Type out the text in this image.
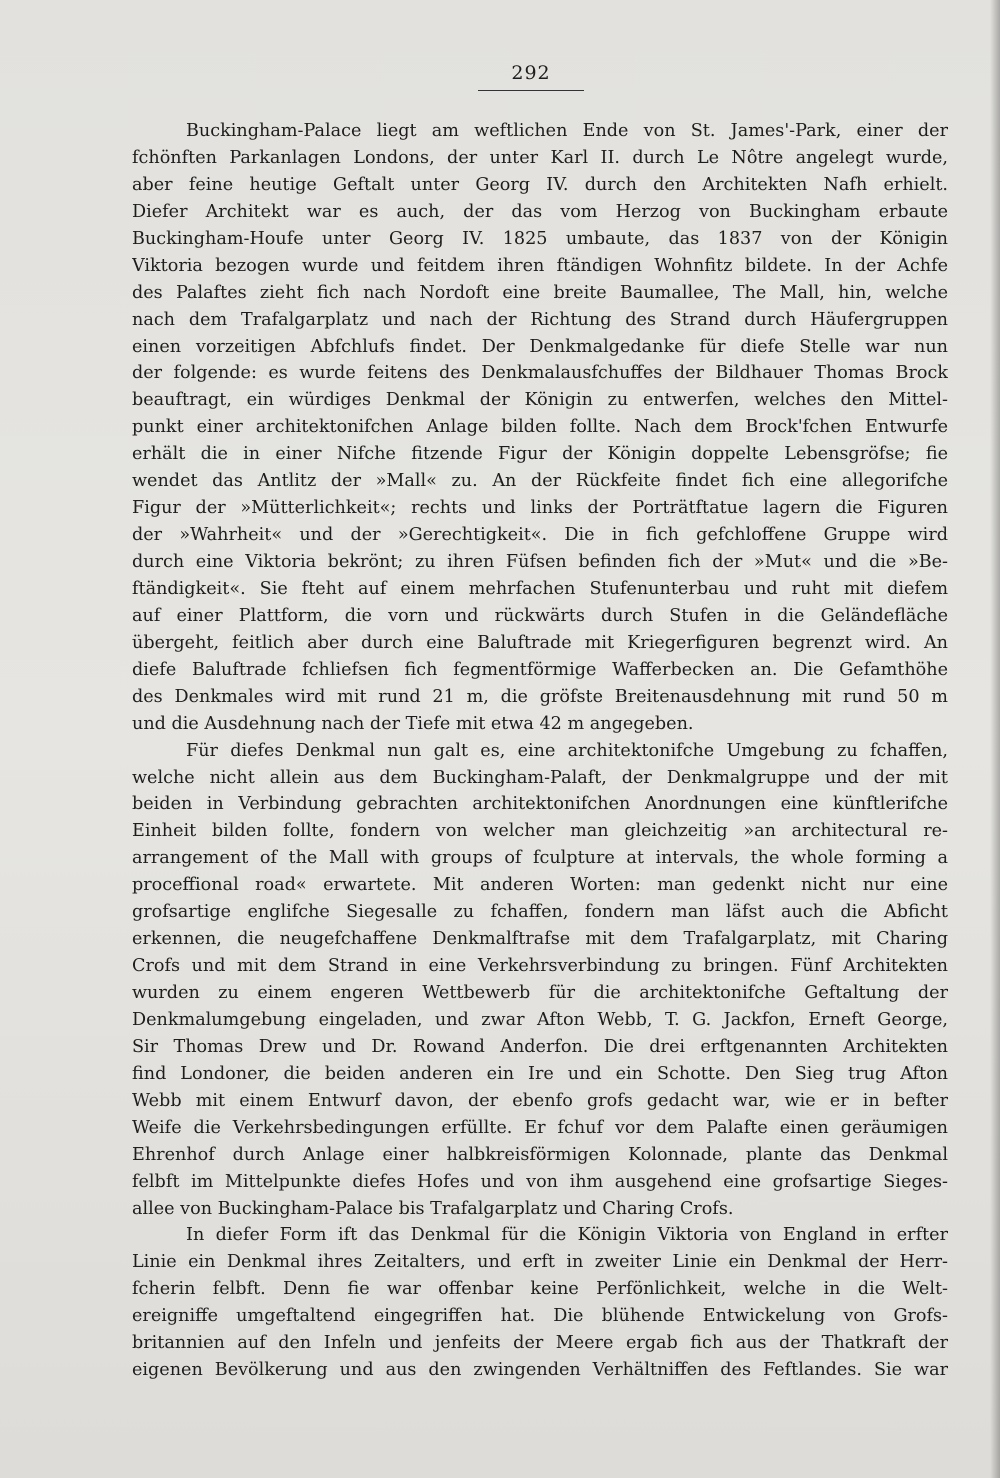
292
Buckingham-Palace liegt am weftlichen Ende von St. James'-Park, einer der
fchönften Parkanlagen Londons, der unter Karl II. durch Le Nôtre angelegt wurde,
aber feine heutige Geftalt unter Georg IV. durch den Architekten Nafh erhielt.
Diefer Architekt war es auch, der das vom Herzog von Buckingham erbaute
Buckingham-Houfe unter Georg IV. 1825 umbaute, das 1837 von der Königin
Viktoria bezogen wurde und feitdem ihren ftändigen Wohnfitz bildete. In der Achfe
des Palaftes zieht fich nach Nordoft eine breite Baumallee, The Mall, hin, welche
nach dem Trafalgarplatz und nach der Richtung des Strand durch Häufergruppen
einen vorzeitigen Abfchlufs findet. Der Denkmalgedanke für diefe Stelle war nun
der folgende: es wurde feitens des Denkmalausfchuffes der Bildhauer Thomas Brock
beauftragt, ein würdiges Denkmal der Königin zu entwerfen, welches den Mittel-
punkt einer architektonifchen Anlage bilden follte. Nach dem Brock'fchen Entwurfe
erhält die in einer Nifche fitzende Figur der Königin doppelte Lebensgröfse; fie
wendet das Antlitz der »Mall« zu. An der Rückfeite findet fich eine allegorifche
Figur der »Mütterlichkeit«; rechts und links der Porträtftatue lagern die Figuren
der »Wahrheit« und der »Gerechtigkeit«. Die in fich gefchloffene Gruppe wird
durch eine Viktoria bekrönt; zu ihren Füfsen befinden fich der »Mut« und die »Be-
ftändigkeit«. Sie fteht auf einem mehrfachen Stufenunterbau und ruht mit diefem
auf einer Plattform, die vorn und rückwärts durch Stufen in die Geländefläche
übergeht, feitlich aber durch eine Baluftrade mit Kriegerfiguren begrenzt wird. An
diefe Baluftrade fchliefsen fich fegmentförmige Wafferbecken an. Die Gefamthöhe
des Denkmales wird mit rund 21 m, die gröfste Breitenausdehnung mit rund 50 m
und die Ausdehnung nach der Tiefe mit etwa 42 m angegeben.
Für diefes Denkmal nun galt es, eine architektonifche Umgebung zu fchaffen,
welche nicht allein aus dem Buckingham-Palaft, der Denkmalgruppe und der mit
beiden in Verbindung gebrachten architektonifchen Anordnungen eine künftlerifche
Einheit bilden follte, fondern von welcher man gleichzeitig »an architectural re-
arrangement of the Mall with groups of fculpture at intervals, the whole forming a
proceffional road« erwartete. Mit anderen Worten: man gedenkt nicht nur eine
grofsartige englifche Siegesalle zu fchaffen, fondern man läfst auch die Abficht
erkennen, die neugefchaffene Denkmalftrafse mit dem Trafalgarplatz, mit Charing
Crofs und mit dem Strand in eine Verkehrsverbindung zu bringen. Fünf Architekten
wurden zu einem engeren Wettbewerb für die architektonifche Geftaltung der
Denkmalumgebung eingeladen, und zwar Afton Webb, T. G. Jackfon, Erneft George,
Sir Thomas Drew und Dr. Rowand Anderfon. Die drei erftgenannten Architekten
find Londoner, die beiden anderen ein Ire und ein Schotte. Den Sieg trug Afton
Webb mit einem Entwurf davon, der ebenfo grofs gedacht war, wie er in befter
Weife die Verkehrsbedingungen erfüllte. Er fchuf vor dem Palafte einen geräumigen
Ehrenhof durch Anlage einer halbkreisförmigen Kolonnade, plante das Denkmal
felbft im Mittelpunkte diefes Hofes und von ihm ausgehend eine grofsartige Sieges-
allee von Buckingham-Palace bis Trafalgarplatz und Charing Crofs.
In diefer Form ift das Denkmal für die Königin Viktoria von England in erfter
Linie ein Denkmal ihres Zeitalters, und erft in zweiter Linie ein Denkmal der Herr-
fcherin felbft. Denn fie war offenbar keine Perfönlichkeit, welche in die Welt-
ereigniffe umgeftaltend eingegriffen hat. Die blühende Entwickelung von Grofs-
britannien auf den Infeln und jenfeits der Meere ergab fich aus der Thatkraft der
eigenen Bevölkerung und aus den zwingenden Verhältniffen des Feftlandes. Sie war
